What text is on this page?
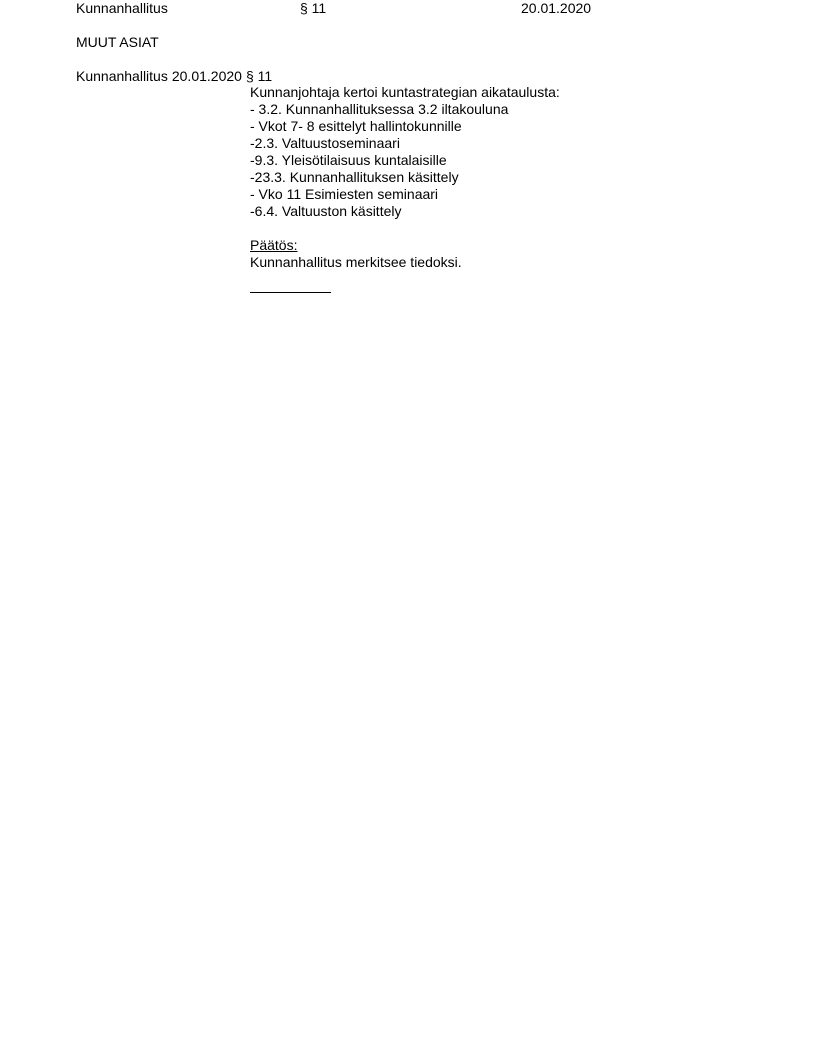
Kunnanhallitus	§ 11	20.01.2020
MUUT ASIAT
Kunnanhallitus 20.01.2020 § 11
Kunnanjohtaja kertoi kuntastrategian aikataulusta:
- 3.2. Kunnanhallituksessa 3.2 iltakouluna
- Vkot 7- 8 esittelyt hallintokunnille
-2.3. Valtuustoseminaari
-9.3. Yleisötilaisuus kuntalaisille
-23.3. Kunnanhallituksen käsittely
- Vko 11 Esimiesten seminaari
-6.4. Valtuuston käsittely
Päätös:
Kunnanhallitus merkitsee tiedoksi.
